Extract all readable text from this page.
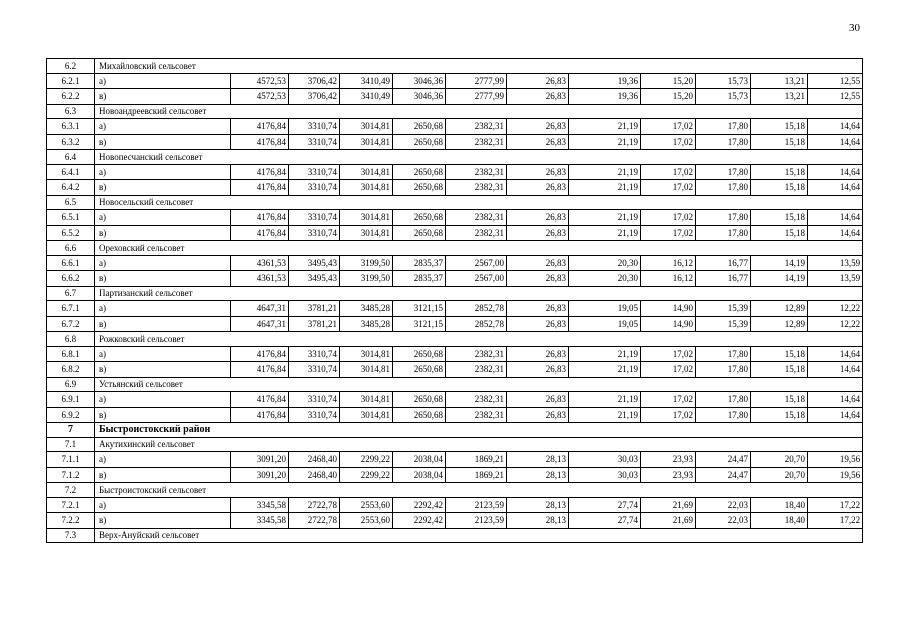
30
6.2	Михайловский сельсовет											
6.2.1	а)	4572,53	3706,42	3410,49	3046,36	2777,99	26,83	19,36	15,20	15,73	13,21	12,55
6.2.2	в)	4572,53	3706,42	3410,49	3046,36	2777,99	26,83	19,36	15,20	15,73	13,21	12,55
6.3	Новоандреевский сельсовет											
6.3.1	а)	4176,84	3310,74	3014,81	2650,68	2382,31	26,83	21,19	17,02	17,80	15,18	14,64
6.3.2	в)	4176,84	3310,74	3014,81	2650,68	2382,31	26,83	21,19	17,02	17,80	15,18	14,64
6.4	Новопесчанский сельсовет											
6.4.1	а)	4176,84	3310,74	3014,81	2650,68	2382,31	26,83	21,19	17,02	17,80	15,18	14,64
6.4.2	в)	4176,84	3310,74	3014,81	2650,68	2382,31	26,83	21,19	17,02	17,80	15,18	14,64
6.5	Новосельский сельсовет											
6.5.1	а)	4176,84	3310,74	3014,81	2650,68	2382,31	26,83	21,19	17,02	17,80	15,18	14,64
6.5.2	в)	4176,84	3310,74	3014,81	2650,68	2382,31	26,83	21,19	17,02	17,80	15,18	14,64
6.6	Ореховский сельсовет											
6.6.1	а)	4361,53	3495,43	3199,50	2835,37	2567,00	26,83	20,30	16,12	16,77	14,19	13,59
6.6.2	в)	4361,53	3495,43	3199,50	2835,37	2567,00	26,83	20,30	16,12	16,77	14,19	13,59
6.7	Партизанский сельсовет											
6.7.1	а)	4647,31	3781,21	3485,28	3121,15	2852,78	26,83	19,05	14,90	15,39	12,89	12,22
6.7.2	в)	4647,31	3781,21	3485,28	3121,15	2852,78	26,83	19,05	14,90	15,39	12,89	12,22
6.8	Рожковский сельсовет											
6.8.1	а)	4176,84	3310,74	3014,81	2650,68	2382,31	26,83	21,19	17,02	17,80	15,18	14,64
6.8.2	в)	4176,84	3310,74	3014,81	2650,68	2382,31	26,83	21,19	17,02	17,80	15,18	14,64
6.9	Устьянский сельсовет											
6.9.1	а)	4176,84	3310,74	3014,81	2650,68	2382,31	26,83	21,19	17,02	17,80	15,18	14,64
6.9.2	в)	4176,84	3310,74	3014,81	2650,68	2382,31	26,83	21,19	17,02	17,80	15,18	14,64
7	Быстроистокский район											
7.1	Акутихинский сельсовет											
7.1.1	а)	3091,20	2468,40	2299,22	2038,04	1869,21	28,13	30,03	23,93	24,47	20,70	19,56
7.1.2	в)	3091,20	2468,40	2299,22	2038,04	1869,21	28,13	30,03	23,93	24,47	20,70	19,56
7.2	Быстроистокский сельсовет											
7.2.1	а)	3345,58	2722,78	2553,60	2292,42	2123,59	28,13	27,74	21,69	22,03	18,40	17,22
7.2.2	в)	3345,58	2722,78	2553,60	2292,42	2123,59	28,13	27,74	21,69	22,03	18,40	17,22
7.3	Верх-Ануйский сельсовет											
